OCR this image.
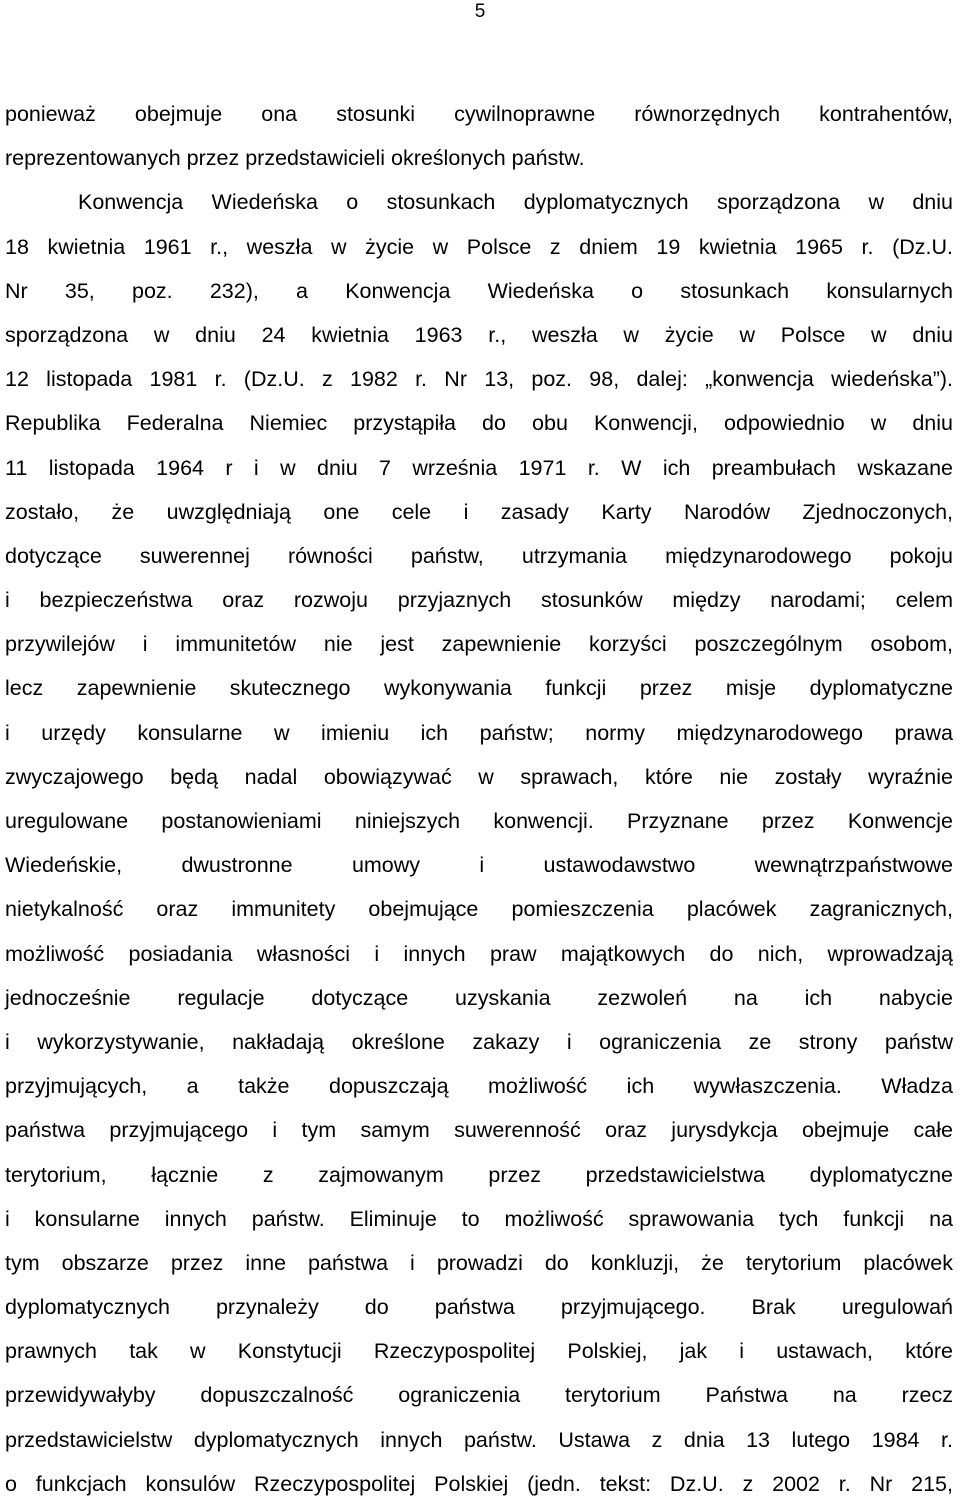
5
ponieważ obejmuje ona stosunki cywilnoprawne równorzędnych kontrahentów,
reprezentowanych przez przedstawicieli określonych państw.
Konwencja Wiedeńska o stosunkach dyplomatycznych sporządzona w dniu
18 kwietnia 1961 r., weszła w życie w Polsce z dniem 19 kwietnia 1965 r. (Dz.U.
Nr 35, poz. 232), a Konwencja Wiedeńska o stosunkach konsularnych
sporządzona w dniu 24 kwietnia 1963 r., weszła w życie w Polsce w dniu
12 listopada 1981 r. (Dz.U. z 1982 r. Nr 13, poz. 98, dalej: „konwencja wiedeńska”).
Republika Federalna Niemiec przystąpiła do obu Konwencji, odpowiednio w dniu
11 listopada 1964 r i w dniu 7 września 1971 r. W ich preambułach wskazane
zostało, że uwzględniają one cele i zasady Karty Narodów Zjednoczonych,
dotyczące suwerennej równości państw, utrzymania międzynarodowego pokoju
i bezpieczeństwa oraz rozwoju przyjaznych stosunków między narodami; celem
przywilejów i immunitetów nie jest zapewnienie korzyści poszczególnym osobom,
lecz zapewnienie skutecznego wykonywania funkcji przez misje dyplomatyczne
i urzędy konsularne w imieniu ich państw; normy międzynarodowego prawa
zwyczajowego będą nadal obowiązywać w sprawach, które nie zostały wyraźnie
uregulowane postanowieniami niniejszych konwencji. Przyznane przez Konwencje
Wiedeńskie, dwustronne umowy i ustawodawstwo wewnątrzpaństwowe
nietykalność oraz immunitety obejmujące pomieszczenia placówek zagranicznych,
możliwość posiadania własności i innych praw majątkowych do nich, wprowadzają
jednocześnie regulacje dotyczące uzyskania zezwoleń na ich nabycie
i wykorzystywanie, nakładają określone zakazy i ograniczenia ze strony państw
przyjmujących, a także dopuszczają możliwość ich wywłaszczenia. Władza
państwa przyjmującego i tym samym suwerenność oraz jurysdykcja obejmuje całe
terytorium, łącznie z zajmowanym przez przedstawicielstwa dyplomatyczne
i konsularne innych państw. Eliminuje to możliwość sprawowania tych funkcji na
tym obszarze przez inne państwa i prowadzi do konkluzji, że terytorium placówek
dyplomatycznych przynależy do państwa przyjmującego. Brak uregulowań
prawnych tak w Konstytucji Rzeczypospolitej Polskiej, jak i ustawach, które
przewidywałyby dopuszczalność ograniczenia terytorium Państwa na rzecz
przedstawicielstw dyplomatycznych innych państw. Ustawa z dnia 13 lutego 1984 r.
o funkcjach konsulów Rzeczypospolitej Polskiej (jedn. tekst: Dz.U. z 2002 r. Nr 215,
